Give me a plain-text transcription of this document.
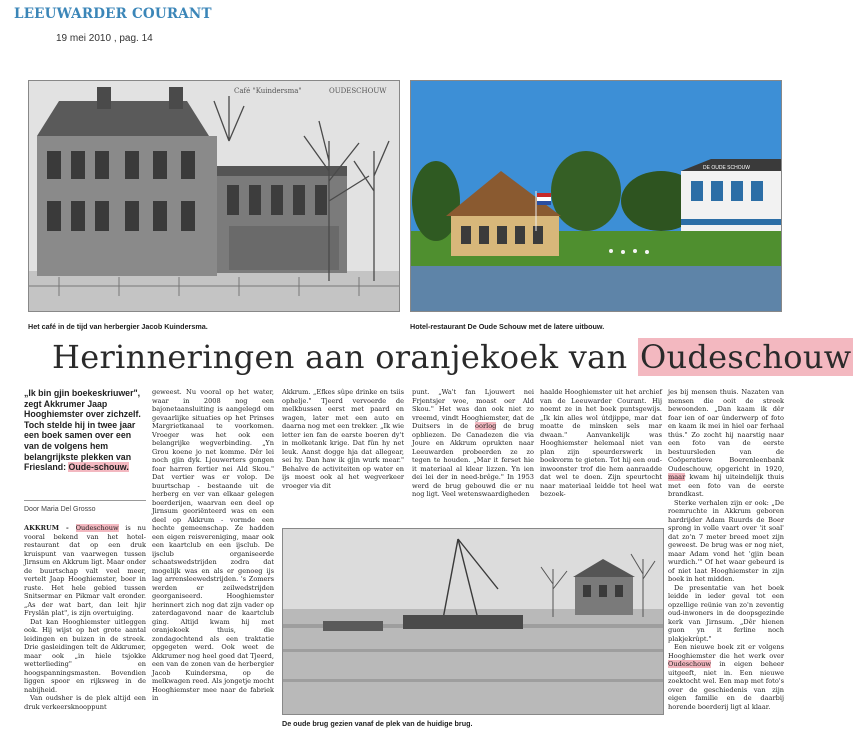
LEEUWARDER COURANT
19 mei 2010 , pag. 14
Café "Kuindersma"	OUDESCHOUW
Het café in de tijd van herbergier Jacob Kuindersma.
DE OUDE SCHOUW
Hotel-restaurant De Oude Schouw met de latere uitbouw.
Herinneringen aan oranjekoek van Oudeschouw
„Ik bin gjin boekeskriuwer", zegt Akkrumer Jaap Hooghiemster over zichzelf. Toch stelde hij in twee jaar een boek samen over een van de volgens hem belangrijkste plekken van Friesland: Oude-schouw.
Door Maria Del Grosso

AKKRUM - Oudeschouw is nu vooral bekend van het hotel-restaurant dat op een druk kruispunt van vaarwegen tussen Jirnsum en Akkrum ligt. Maar onder de buurtschap valt veel meer, vertelt Jaap Hooghiemster, boer in ruste. Het hele gebied tussen Snitsermar en Pikmar valt eronder. „As der wat bart, dan leit hjir Fryslân plat", is zijn overtuiging.

Dat kan Hooghiemster uitleggen ook. Hij wijst op het grote aantal leidingen en buizen in de streek. Drie gasleidingen telt de Akkrumer, maar ook „in hiele tsjokke wetterlieding" en hoogspanningsmasten. Bovendien liggen spoor en rijksweg in de nabijheid.

Van oudsher is de plek altijd een druk verkeersknooppunt

geweest. Nu vooral op het water, waar in 2008 nog een bajonetaansluiting is aangelegd om gevaarlijke situaties op het Prinses Margrietkanaal te voorkomen. Vroeger was het ook een belangrijke wegverbinding. „Yn Grou koene jo net komme. Dêr lei noch gjin dyk. Ljouwerters gongen foar harren fertier nei Ald Skou." Dat vertier was er volop. De buurtschap - bestaande uit de herberg en ver van elkaar gelegen boerderijen, waarvan een deel op Jirnsum georiënteerd was en een deel op Akkrum - vormde een hechte gemeenschap. Ze hadden een eigen reisvereniging, maar ook een kaartclub en een ijsclub. De ijsclub organiseerde schaatswedstrijden zodra dat mogelijk was en als er genoeg ijs lag arrensleewedstrijden. 's Zomers werden er zeilwedstrijden georganiseerd. Hooghiemster herinnert zich nog dat zijn vader op zaterdagavond naar de kaartclub ging. Altijd kwam hij met oranjekoek thuis, die zondagochtend als een traktatie opgegeten werd. Ook weet de Akkrumer nog heel goed dat Tjeerd, een van de zonen van de herbergier Jacob Kuindersma, op de melkwagen reed. Als jongetje mocht Hooghiemster mee naar de fabriek in

Akkrum. „Efkes sûpe drinke en tsiis ophelje." Tjeerd vervoerde de melkbussen eerst met paard en wagen, later met een auto en daarna nog met een trekker. „Ik wie letter ien fan de earste boeren dy't in molketank krige. Dat fûn hy net leuk. Aanst dogge hja dat allegear, sei hy. Dan haw ik gjin wurk mear." Behalve de activiteiten op water en ijs moest ook al het wegverkeer vroeger via dit

punt. „Wa't fan Ljouwert nei Frjentsjer woe, moast oer Ald Skou." Het was dan ook niet zo vreemd, vindt Hooghiemster, dat de Duitsers in de oorlog de brug opbliezen. De Canadezen die via Joure en Akkrum oprukten naar Leeuwarden probeerden ze zo tegen te houden. „Mar it ferset hie it materiaal al klear lizzen. Yn ien dei lei der in need-brêge." In 1953 werd de brug gebouwd die er nu nog ligt. Veel wetenswaardigheden

haalde Hooghiemster uit het archief van de Leeuwarder Courant. Hij noemt ze in het boek puntsgewijs. „Ik kin alles wol útdjippe, mar dat moatte de minsken sels mar dwaan." Aanvankelijk was Hooghiemster helemaal niet van plan zijn speurderswerk in boekvorm te gieten. Tot hij een oud-inwoonster trof die hem aanraadde dat wel te doen. Zijn speurtocht naar materiaal leidde tot heel wat bezoek-

jes bij mensen thuis. Nazaten van mensen die ooit de streek bewoonden. „Dan kaam ik dêr foar ien of oar ûnderwerp of foto en kaam ik mei in hiel oar ferhaal thús." Zo zocht hij naarstig naar een foto van de eerste bestuursleden van de Coöperatieve Boerenleenbank Oudeschouw, opgericht in 1920, maar kwam hij uiteindelijk thuis met een foto van de eerste brandkast.

Sterke verhalen zijn er ook: „De roemruchte in Akkrum geboren hardrijder Adam Ruurds de Boer sprong in volle vaart over 'it soal' dat zo'n 7 meter breed moet zijn geweest. De brug was er nog niet, maar Adam vond het 'gjin bean wurdich.'" Of het waar gebeurd is of niet laat Hooghiemster in zijn boek in het midden.

De presentatie van het boek leidde in ieder geval tot een opzellige reünie van zo'n zeventig oud-inwoners in de doopsgezinde kerk van Jirnsum. „Dêr hienen guon yn it ferline noch plakjekrûpt."

Een nieuwe boek zit er volgens Hooghiemster die het werk over Oudeschouw in eigen beheer uitgeeft, niet in. Een nieuwe zoektocht wel. Een map met foto's over de geschiedenis van zijn eigen familie en de daarbij horende boerderij ligt al klaar.

De oude brug gezien vanaf de plek van de huidige brug.
